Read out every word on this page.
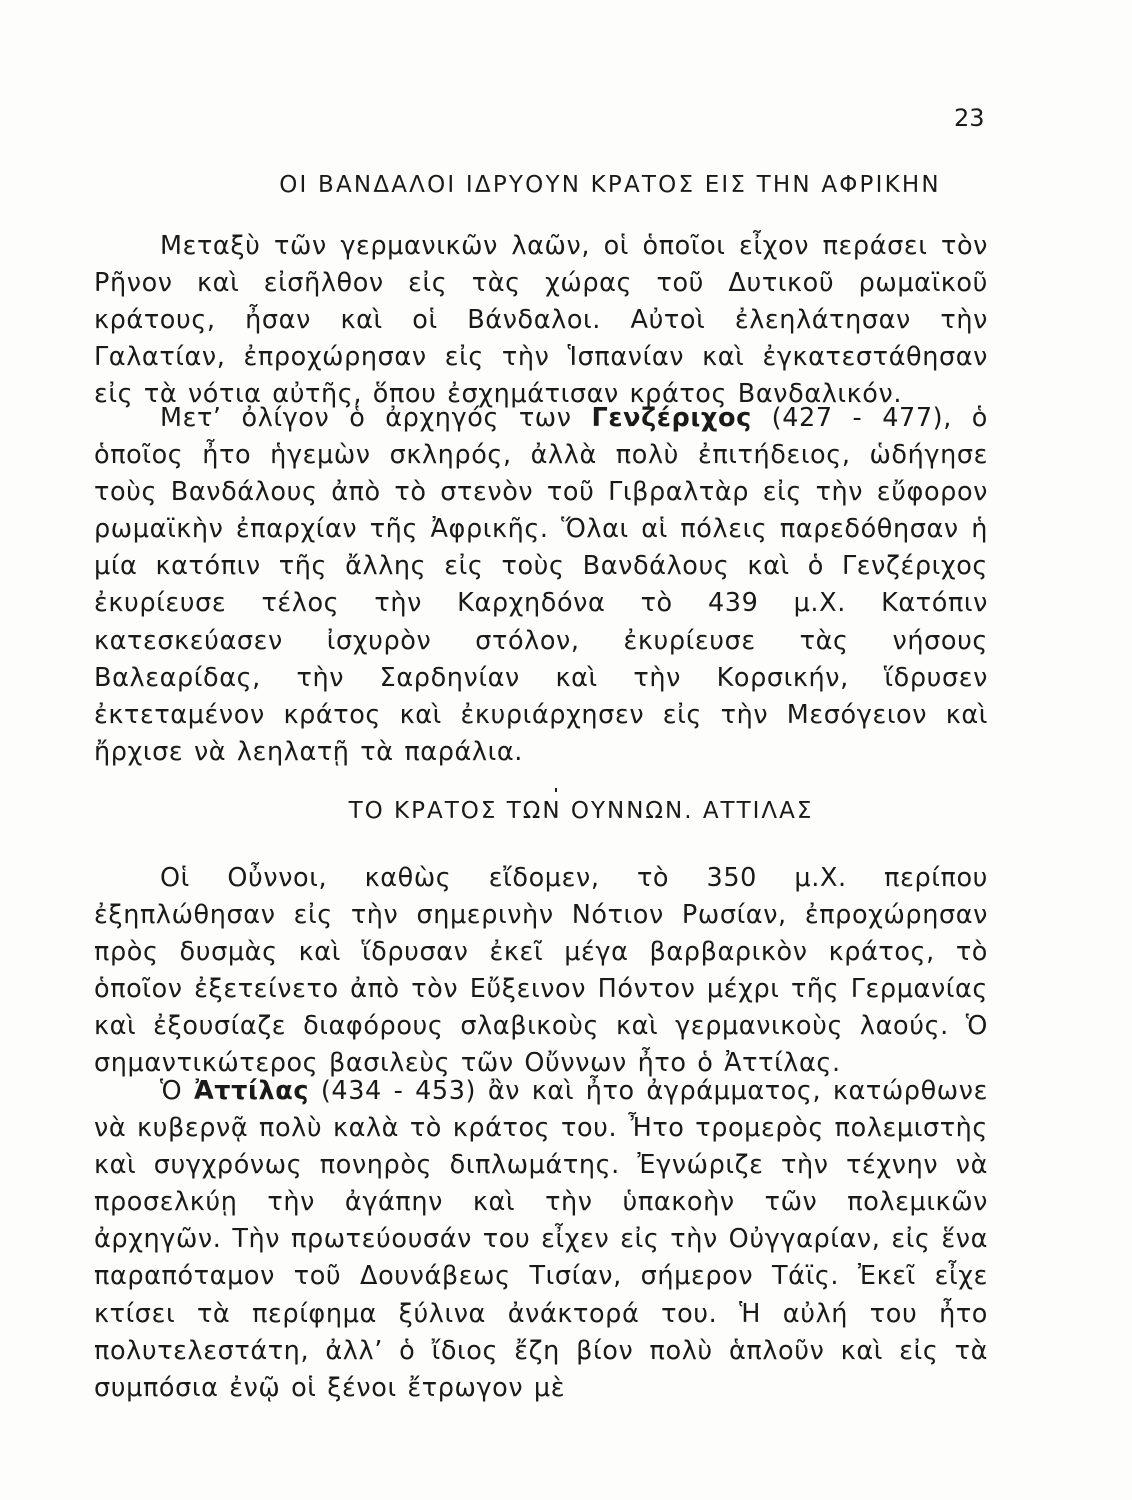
23
ΟΙ ΒΑΝΔΑΛΟΙ ΙΔΡΥΟΥΝ ΚΡΑΤΟΣ ΕΙΣ ΤΗΝ ΑΦΡΙΚΗΝ

Μεταξὺ τῶν γερμανικῶν λαῶν, οἱ ὁποῖοι εἶχον περάσει τὸν Ρῆνον καὶ εἰσῆλθον εἰς τὰς χώρας τοῦ Δυτικοῦ ρωμαϊκοῦ κράτους, ἦσαν καὶ οἱ Βάνδαλοι. Αὐτοὶ ἐλεηλάτησαν τὴν Γαλατίαν, ἐπροχώρησαν εἰς τὴν Ἱσπανίαν καὶ ἐγκατεστάθησαν εἰς τὰ νότια αὐτῆς, ὅπου ἐσχημάτισαν κράτος Βανδαλικόν.

Μετ’ ὀλίγον ὁ ἀρχηγός των Γενζέριχος (427 - 477), ὁ ὁποῖος ἦτο ἡγεμὼν σκληρός, ἀλλὰ πολὺ ἐπιτήδειος, ὡδήγησε τοὺς Βανδάλους ἀπὸ τὸ στενὸν τοῦ Γιβραλτὰρ εἰς τὴν εὔφορον ρωμαϊκὴν ἐπαρχίαν τῆς Ἀφρικῆς. Ὅλαι αἱ πόλεις παρεδόθησαν ἡ μία κατόπιν τῆς ἄλλης εἰς τοὺς Βανδάλους καὶ ὁ Γενζέριχος ἐκυρίευσε τέλος τὴν Καρχηδόνα τὸ 439 μ.Χ. Κατόπιν κατεσκεύασεν ἰσχυρὸν στόλον, ἐκυρίευσε τὰς νήσους Βαλεαρίδας, τὴν Σαρδηνίαν καὶ τὴν Κορσικήν, ἵδρυσεν ἐκτεταμένον κράτος καὶ ἐκυριάρχησεν εἰς τὴν Μεσόγειον καὶ ἤρχισε νὰ λεηλατῇ τὰ παράλια.

ΤΟ ΚΡΑΤΟΣ ΤΩΝ ΟΥΝΝΩΝ. ΑΤΤΙΛΑΣ

Οἱ Οὖννοι, καθὼς εἴδομεν, τὸ 350 μ.Χ. περίπου ἐξηπλώθησαν εἰς τὴν σημερινὴν Νότιον Ρωσίαν, ἐπροχώρησαν πρὸς δυσμὰς καὶ ἵδρυσαν ἐκεῖ μέγα βαρβαρικὸν κράτος, τὸ ὁποῖον ἐξετείνετο ἀπὸ τὸν Εὔξεινον Πόντον μέχρι τῆς Γερμανίας καὶ ἐξουσίαζε διαφόρους σλαβικοὺς καὶ γερμανικοὺς λαούς. Ὁ σημαντικώτερος βασιλεὺς τῶν Οὔννων ἦτο ὁ Ἀττίλας.

Ὁ Ἀττίλας (434 - 453) ἂν καὶ ἦτο ἀγράμματος, κατώρθωνε νὰ κυβερνᾷ πολὺ καλὰ τὸ κράτος του. Ἦτο τρομερὸς πολεμιστὴς καὶ συγχρόνως πονηρὸς διπλωμάτης. Ἐγνώριζε τὴν τέχνην νὰ προσελκύῃ τὴν ἀγάπην καὶ τὴν ὑπακοὴν τῶν πολεμικῶν ἀρχηγῶν. Τὴν πρωτεύουσάν του εἶχεν εἰς τὴν Οὐγγαρίαν, εἰς ἕνα παραπόταμον τοῦ Δουνάβεως Τισίαν, σήμερον Τάϊς. Ἐκεῖ εἶχε κτίσει τὰ περίφημα ξύλινα ἀνάκτορά του. Ἡ αὐλή του ἦτο πολυτελεστάτη, ἀλλ’ ὁ ἴδιος ἔζη βίον πολὺ ἁπλοῦν καὶ εἰς τὰ συμπόσια ἐνῷ οἱ ξένοι ἔτρωγον μὲ
